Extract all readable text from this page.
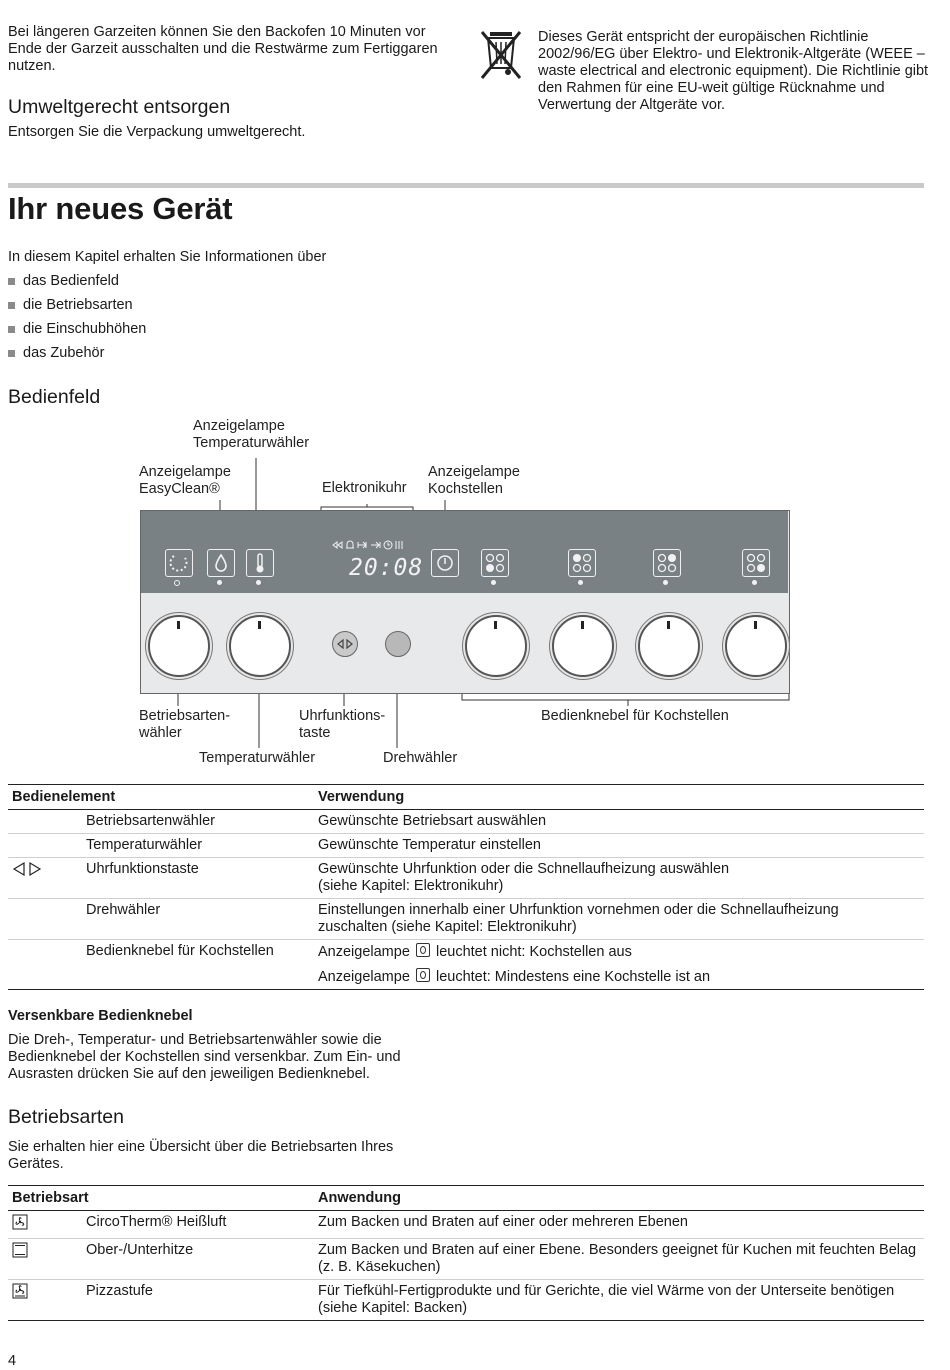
Bei längeren Garzeiten können Sie den Backofen 10 Minuten vor Ende der Garzeit ausschalten und die Restwärme zum Fertiggaren nutzen.
Umweltgerecht entsorgen
Entsorgen Sie die Verpackung umweltgerecht.
Dieses Gerät entspricht der europäischen Richtlinie 2002/96/EG über Elektro- und Elektronik-Altgeräte (WEEE – waste electrical and electronic equipment). Die Richtlinie gibt den Rahmen für eine EU-weit gültige Rücknahme und Verwertung der Altgeräte vor.
Ihr neues Gerät
In diesem Kapitel erhalten Sie Informationen über
das Bedienfeld
die Betriebsarten
die Einschubhöhen
das Zubehör
Bedienfeld
Anzeigelampe
Temperaturwähler
Anzeigelampe
EasyClean®	Elektronikuhr
Anzeigelampe
Kochstellen
20:08
Betriebsarten-
wähler
Temperaturwähler
Uhrfunktions-
taste
Drehwähler
Bedienknebel für Kochstellen
Bedienelement		Verwendung
	Betriebsartenwähler	Gewünschte Betriebsart auswählen
	Temperaturwähler	Gewünschte Temperatur einstellen
	Uhrfunktionstaste	Gewünschte Uhrfunktion oder die Schnellaufheizung auswählen
(siehe Kapitel: Elektronikuhr)

	Drehwähler	Einstellungen innerhalb einer Uhrfunktion vornehmen oder die Schnellaufheizung
zuschalten (siehe Kapitel: Elektronikuhr)

	Bedienknebel für Kochstellen	Anzeigelampe leuchtet nicht: Kochstellen aus
Anzeigelampe leuchtet: Mindestens eine Kochstelle ist an
Versenkbare Bedienknebel
Die Dreh-, Temperatur- und Betriebsartenwähler sowie die Bedienknebel der Kochstellen sind versenkbar. Zum Ein- und Ausrasten drücken Sie auf den jeweiligen Bedienknebel.
Betriebsarten
Sie erhalten hier eine Übersicht über die Betriebsarten Ihres Gerätes.
Betriebsart		Anwendung
	CircoTherm® Heißluft	Zum Backen und Braten auf einer oder mehreren Ebenen
	Ober-/Unterhitze	Zum Backen und Braten auf einer Ebene. Besonders geeignet für Kuchen mit feuchten Belag (z. B. Käsekuchen)
	Pizzastufe	Für Tiefkühl-Fertigprodukte und für Gerichte, die viel Wärme von der Unterseite benötigen (siehe Kapitel: Backen)
4
